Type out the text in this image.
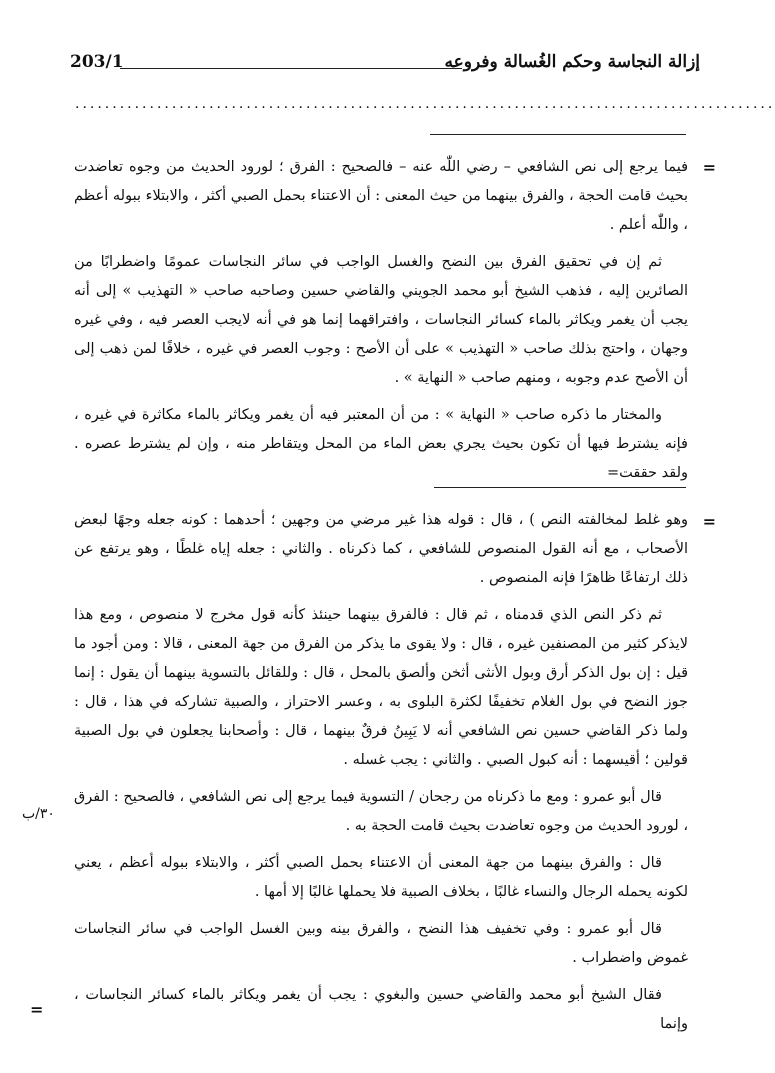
إزالة النجاسة وحكم الغُسالة وفروعه
203/1
..............................................................................................
=

فيما يرجع إلى نص الشافعي – رضي اللّٰه عنه – فالصحيح : الفرق ؛ لورود الحديث من وجوه تعاضدت بحيث قامت الحجة ، والفرق بينهما من حيث المعنى : أن الاعتناء بحمل الصبي أكثر ، والابتلاء ببوله أعظم ، واللّٰه أعلم .

ثم إن في تحقيق الفرق بين النضح والغسل الواجب في سائر النجاسات عمومًا واضطرابًا من الصائرين إليه ، فذهب الشيخ أبو محمد الجويني والقاضي حسين وصاحبه صاحب « التهذيب » إلى أنه يجب أن يغمر ويكاثر بالماء كسائر النجاسات ، وافتراقهما إنما هو في أنه لايجب العصر فيه ، وفي غيره وجهان ، واحتج بذلك صاحب « التهذيب » على أن الأصح : وجوب العصر في غيره ، خلافًا لمن ذهب إلى أن الأصح عدم وجوبه ، ومنهم صاحب « النهاية » .

والمختار ما ذكره صاحب « النهاية » : من أن المعتبر فيه أن يغمر ويكاثر بالماء مكاثرة في غيره ، فإنه يشترط فيها أن تكون بحيث يجري بعض الماء من المحل ويتقاطر منه ، وإن لم يشترط عصره . ولقد حققت=

=

وهو غلط لمخالفته النص ) ، قال : قوله هذا غير مرضي من وجهين ؛ أحدهما : كونه جعله وجهًا لبعض الأصحاب ، مع أنه القول المنصوص للشافعي ، كما ذكرناه . والثاني : جعله إياه غلطًا ، وهو يرتفع عن ذلك ارتفاعًا ظاهرًا فإنه المنصوص .

ثم ذكر النص الذي قدمناه ، ثم قال : فالفرق بينهما حينئذ كأنه قول مخرج لا منصوص ، ومع هذا لايذكر كثير من المصنفين غيره ، قال : ولا يقوى ما يذكر من الفرق من جهة المعنى ، قالا : ومن أجود ما قيل : إن بول الذكر أرق وبول الأنثى أثخن وألصق بالمحل ، قال : وللقائل بالتسوية بينهما أن يقول : إنما جوز النضح في بول الغلام تخفيفًا لكثرة البلوى به ، وعسر الاحتراز ، والصبية تشاركه في هذا ، قال : ولما ذكر القاضي حسين نص الشافعي أنه لا يَبِينُ فرقٌ بينهما ، قال : وأصحابنا يجعلون في بول الصبية قولين ؛ أقيسهما : أنه كبول الصبي . والثاني : يجب غسله .

قال أبو عمرو : ومع ما ذكرناه من رجحان / التسوية فيما يرجع إلى نص الشافعي ، فالصحيح : الفرق ، لورود الحديث من وجوه تعاضدت بحيث قامت الحجة به .

قال : والفرق بينهما من جهة المعنى أن الاعتناء بحمل الصبي أكثر ، والابتلاء ببوله أعظم ، يعني لكونه يحمله الرجال والنساء غالبًا ، بخلاف الصبية فلا يحملها غالبًا إلا أمها .

قال أبو عمرو : وفي تخفيف هذا النضح ، والفرق بينه وبين الغسل الواجب في سائر النجاسات غموض واضطراب .

فقال الشيخ أبو محمد والقاضي حسين والبغوي : يجب أن يغمر ويكاثر بالماء كسائر النجاسات ، وإنما

٣٠/ب
=
